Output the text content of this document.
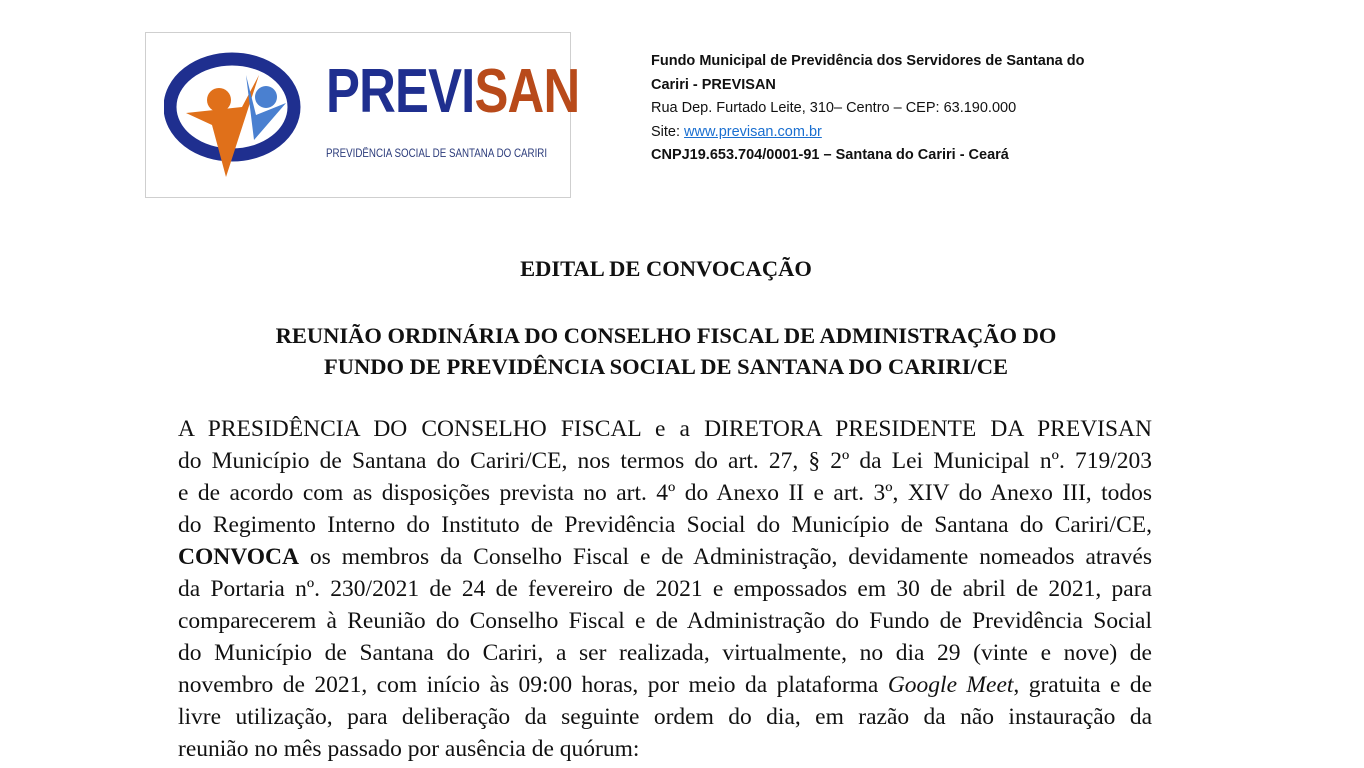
PREVISAN
PREVIDÊNCIA SOCIAL DE SANTANA DO CARIRI
Fundo Municipal de Previdência dos Servidores de Santana do
Cariri - PREVISAN
Rua Dep. Furtado Leite, 310– Centro – CEP: 63.190.000
Site: www.previsan.com.br
CNPJ19.653.704/0001-91 – Santana do Cariri - Ceará
EDITAL DE CONVOCAÇÃO
REUNIÃO ORDINÁRIA DO CONSELHO FISCAL DE ADMINISTRAÇÃO DO
FUNDO DE PREVIDÊNCIA SOCIAL DE SANTANA DO CARIRI/CE
A PRESIDÊNCIA DO CONSELHO FISCAL e a DIRETORA PRESIDENTE DA PREVISAN
do Município de Santana do Cariri/CE, nos termos do art. 27, § 2º da Lei Municipal nº. 719/203
e de acordo com as disposições prevista no art. 4º do Anexo II e art. 3º, XIV do Anexo III, todos
do Regimento Interno do Instituto de Previdência Social do Município de Santana do Cariri/CE,
CONVOCA os membros da Conselho Fiscal e de Administração, devidamente nomeados através
da Portaria nº. 230/2021 de 24 de fevereiro de 2021 e empossados em 30 de abril de 2021, para
comparecerem à Reunião do Conselho Fiscal e de Administração do Fundo de Previdência Social
do Município de Santana do Cariri, a ser realizada, virtualmente, no dia 29 (vinte e nove) de
novembro de 2021, com início às 09:00 horas, por meio da plataforma Google Meet, gratuita e de
livre utilização, para deliberação da seguinte ordem do dia, em razão da não instauração da
reunião no mês passado por ausência de quórum:
